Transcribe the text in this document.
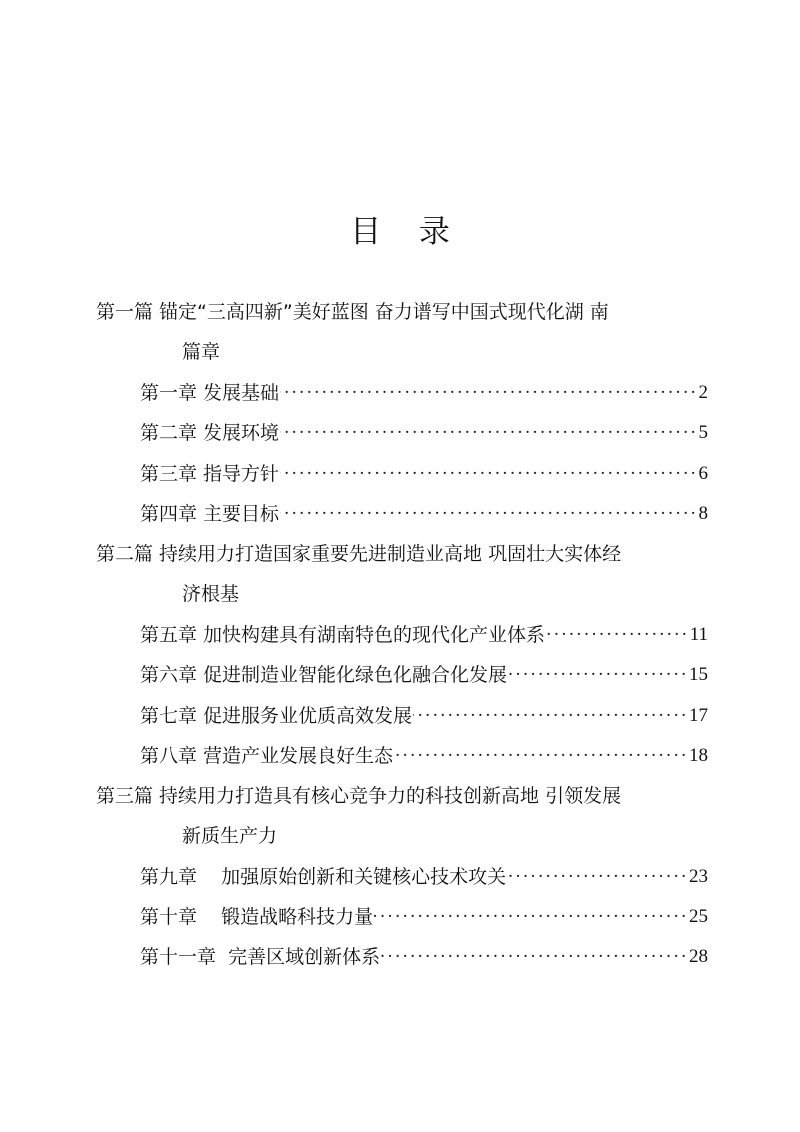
目 录
第一篇 锚定“三高四新”美好蓝图 奋力谱写中国式现代化湖 南
篇章
第一章 发展基础 ·····	2
第二章 发展环境 ·····	5
第三章 指导方针 ·····	6
第四章 主要目标 ·····	8
第二篇 持续用力打造国家重要先进制造业高地 巩固壮大实体经
济根基
第五章 加快构建具有湖南特色的现代化产业体系 ·····	11
第六章 促进制造业智能化绿色化融合化发展 ·····	15
第七章 促进服务业优质高效发展 ·····	17
第八章 营造产业发展良好生态 ·····	18
第三篇 持续用力打造具有核心竞争力的科技创新高地 引领发展
新质生产力
第九章    加强原始创新和关键核心技术攻关 ·····	23
第十章    锻造战略科技力量 ·····	25
第十一章  完善区域创新体系 ·····	28
